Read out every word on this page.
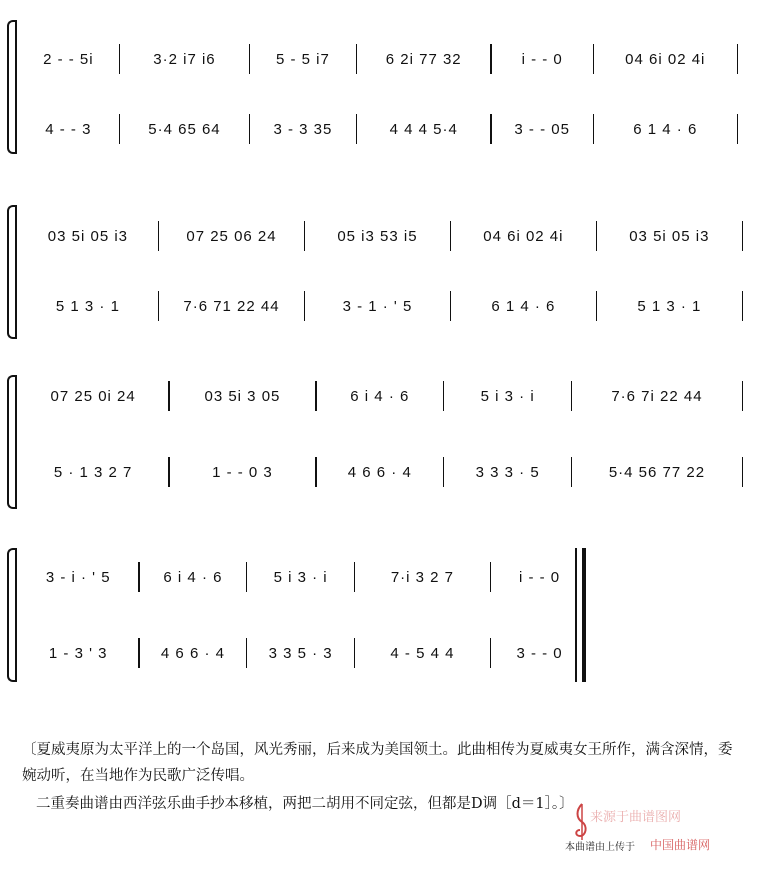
2 - - 5i	3·2 i7 i6	5 - 5 i7	6 2i 77 32	i - - 0	04 6i 02 4i
4 - - 3	5·4 65 64	3 - 3 35	4 4 4 5·4	3 - - 05	6 1 4 · 6
03 5i 05 i3	07 25 06 24	05 i3 53 i5	04 6i 02 4i	03 5i 05 i3
5 1 3 · 1	7·6 71 22 44	3 - 1 · ' 5	6 1 4 · 6	5 1 3 · 1
07 25 0i 24	03 5i 3 05	6 i 4 · 6	5 i 3 · i	7·6 7i 22 44
5 · 1 3 2 7	1 - - 0 3	4 6 6 · 4	3 3 3 · 5	5·4 56 77 22
3 - i · ' 5	6 i 4 · 6	5 i 3 · i	7·i 3 2 7	i - - 0
1 - 3 ' 3	4 6 6 · 4	3 3 5 · 3	4 - 5 4 4	3 - - 0
〔夏威夷原为太平洋上的一个岛国，风光秀丽，后来成为美国领土。此曲相传为夏威夷女王所作，满含深情，委婉动听，在当地作为民歌广泛传唱。
二重奏曲谱由西洋弦乐曲手抄本移植，两把二胡用不同定弦，但都是D调［d＝1］。〕
来源于曲谱图网
本曲谱由上传于 中国曲谱网
